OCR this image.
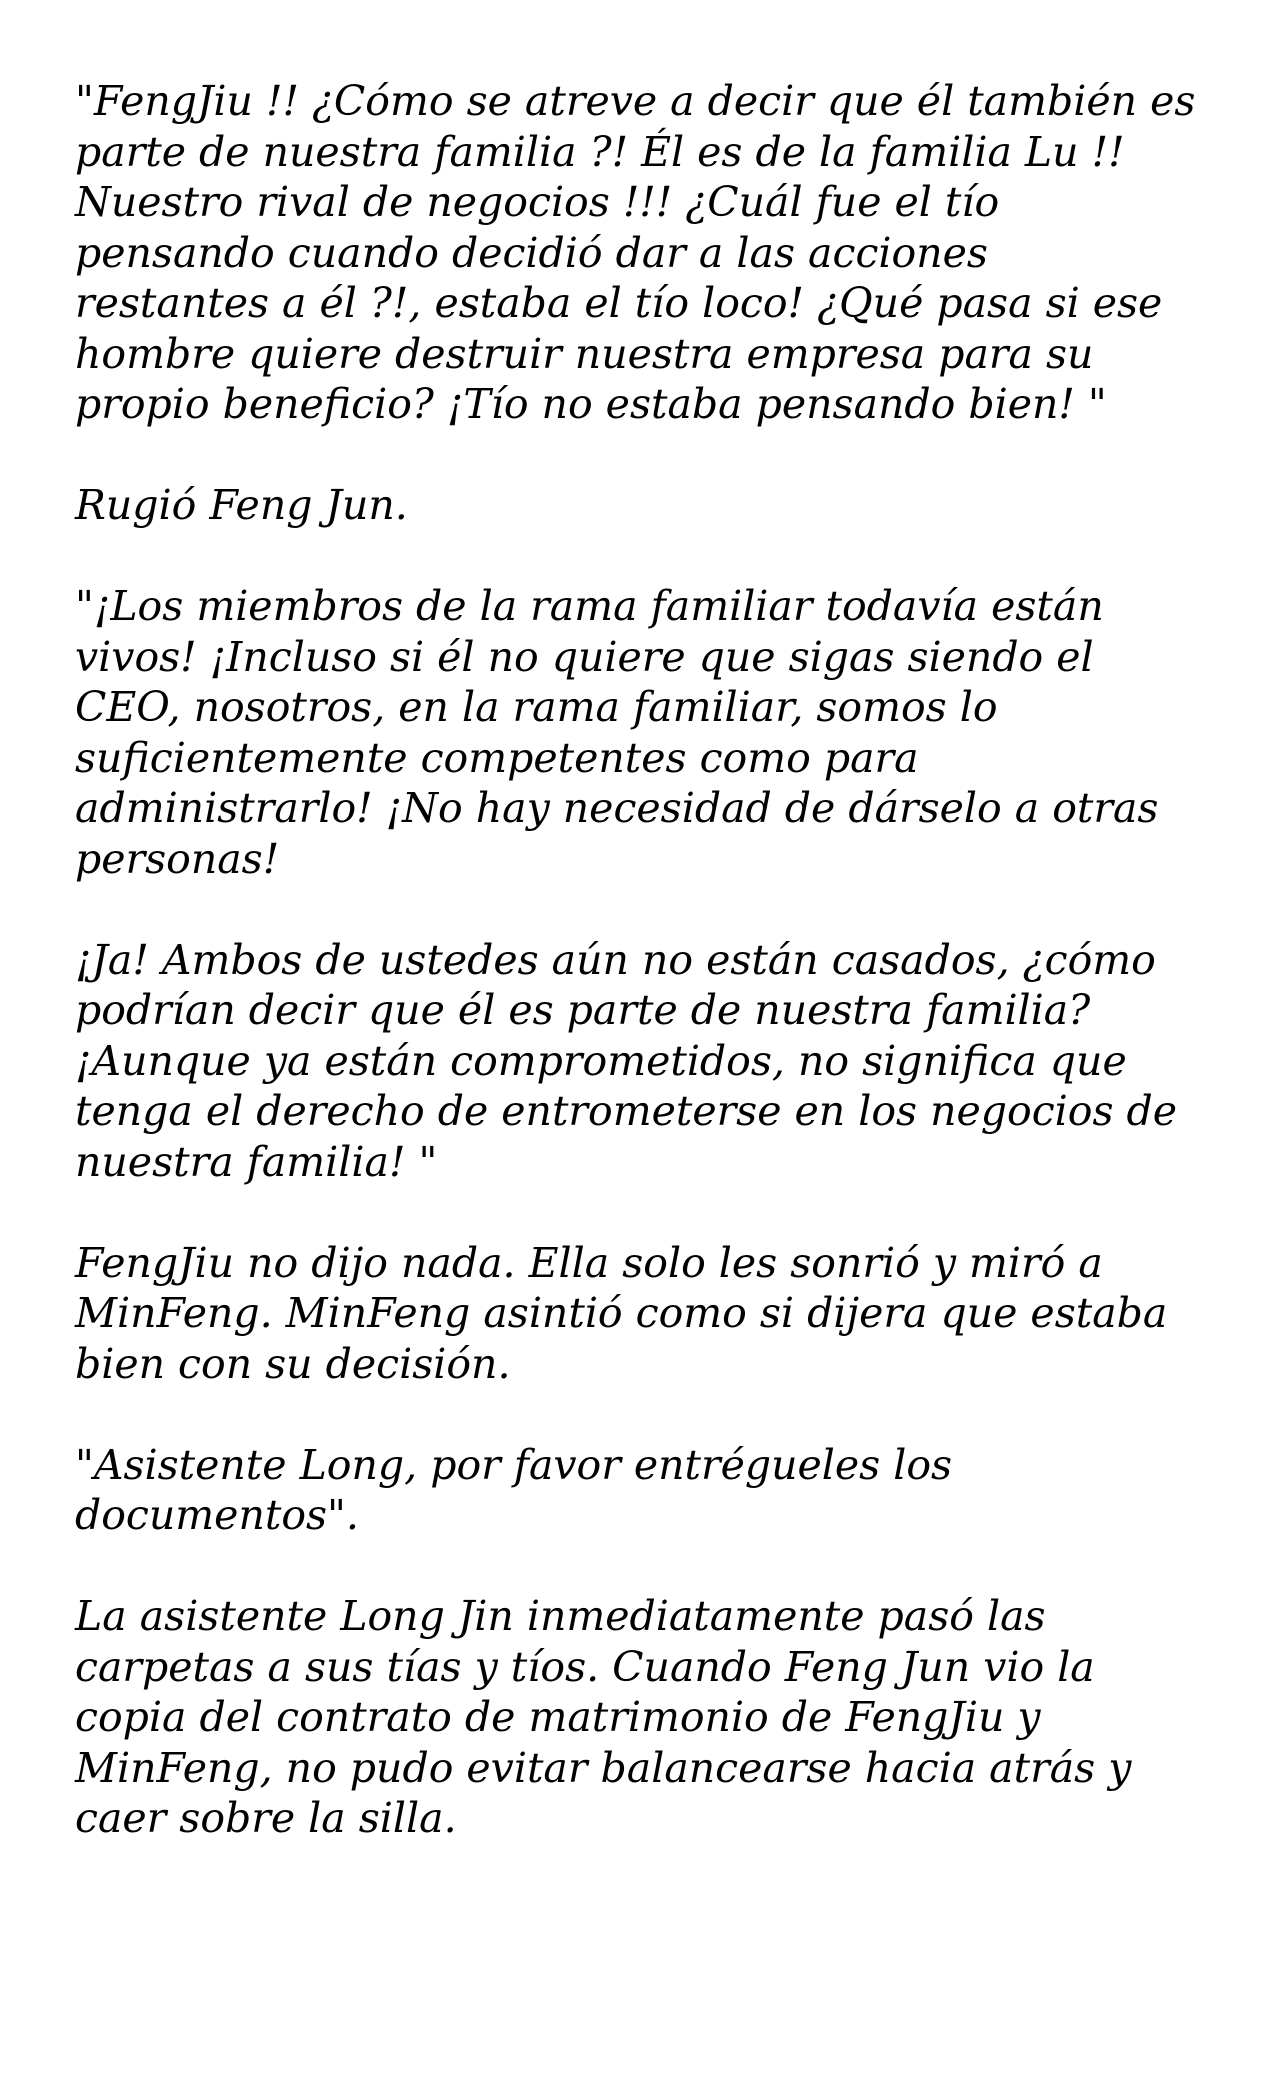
"FengJiu !! ¿Cómo se atreve a decir que él también es
parte de nuestra familia ?! Él es de la familia Lu !!
Nuestro rival de negocios !!! ¿Cuál fue el tío
pensando cuando decidió dar a las acciones
restantes a él ?!, estaba el tío loco! ¿Qué pasa si ese
hombre quiere destruir nuestra empresa para su
propio beneficio? ¡Tío no estaba pensando bien! "

Rugió Feng Jun.

"¡Los miembros de la rama familiar todavía están
vivos! ¡Incluso si él no quiere que sigas siendo el
CEO, nosotros, en la rama familiar, somos lo
suficientemente competentes como para
administrarlo! ¡No hay necesidad de dárselo a otras
personas!

¡Ja! Ambos de ustedes aún no están casados, ¿cómo
podrían decir que él es parte de nuestra familia?
¡Aunque ya están comprometidos, no significa que
tenga el derecho de entrometerse en los negocios de
nuestra familia! "

FengJiu no dijo nada. Ella solo les sonrió y miró a
MinFeng. MinFeng asintió como si dijera que estaba
bien con su decisión.

"Asistente Long, por favor entrégueles los
documentos".

La asistente Long Jin inmediatamente pasó las
carpetas a sus tías y tíos. Cuando Feng Jun vio la
copia del contrato de matrimonio de FengJiu y
MinFeng, no pudo evitar balancearse hacia atrás y
caer sobre la silla.
